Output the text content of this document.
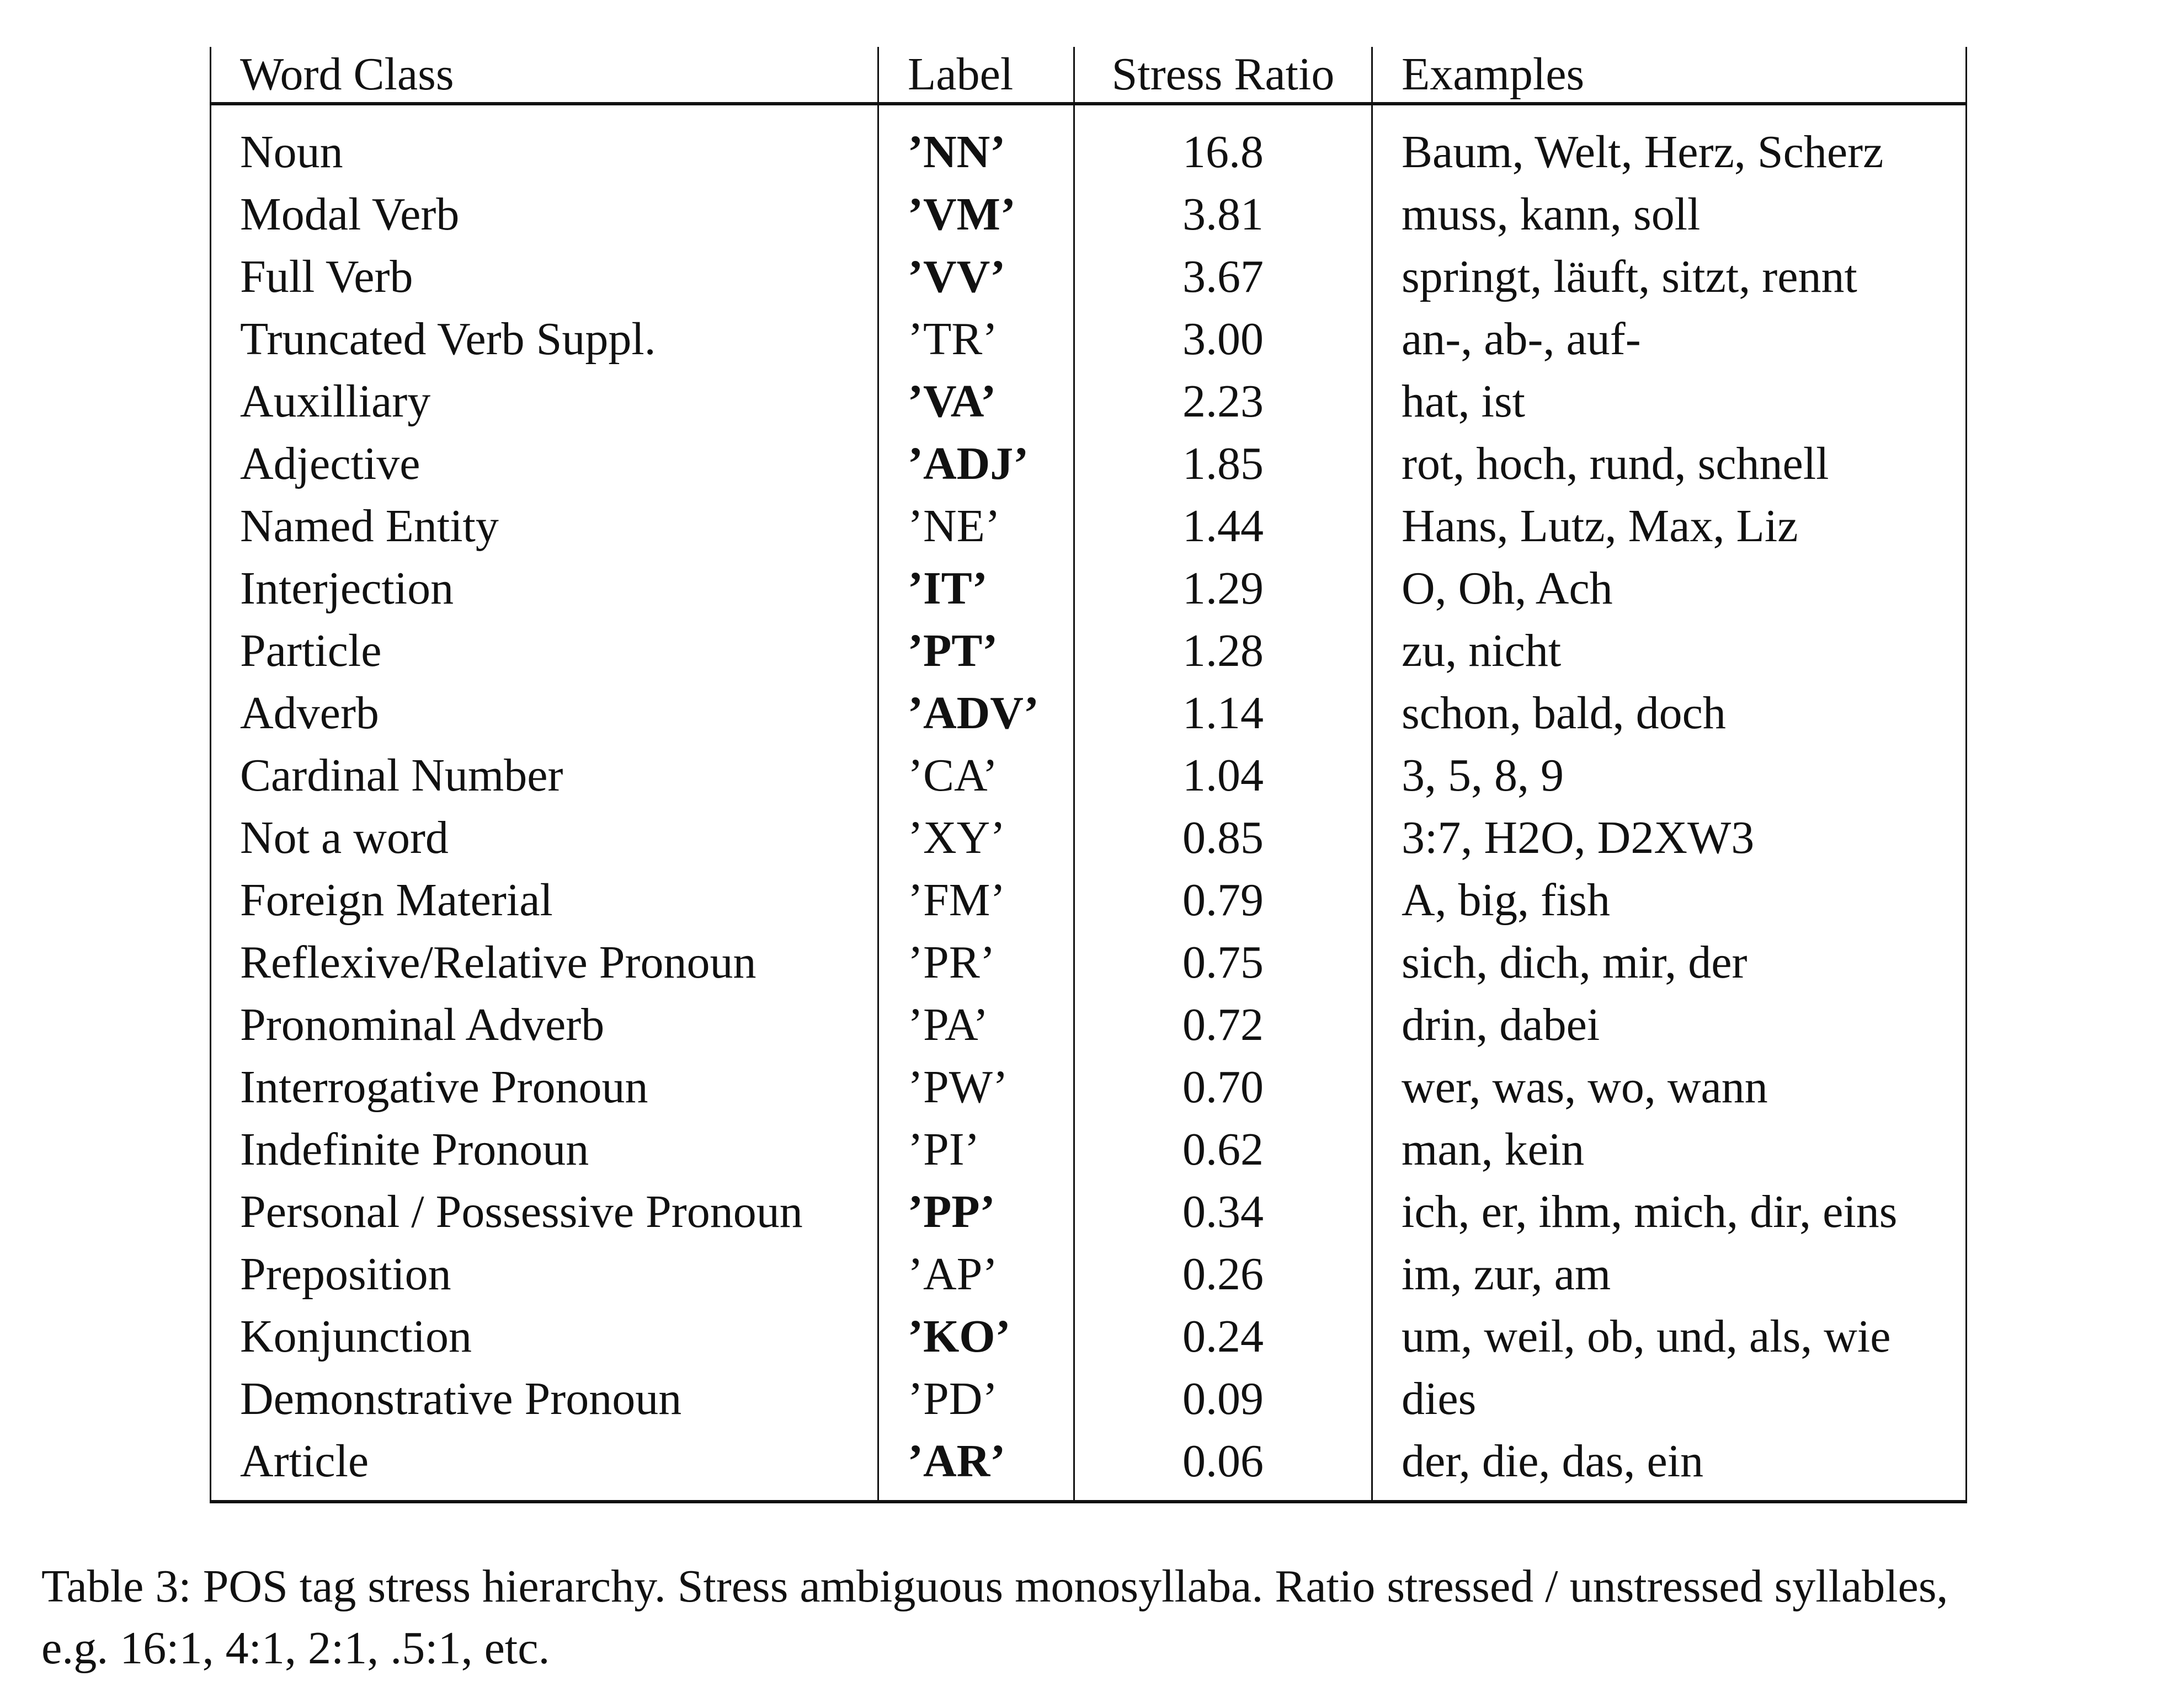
Word Class	Label	Stress Ratio	Examples

Noun	’NN’	16.8	Baum, Welt, Herz, Scherz
Modal Verb	’VM’	3.81	muss, kann, soll
Full Verb	’VV’	3.67	springt, läuft, sitzt, rennt
Truncated Verb Suppl.	’TR’	3.00	an-, ab-, auf-
Auxilliary	’VA’	2.23	hat, ist
Adjective	’ADJ’	1.85	rot, hoch, rund, schnell
Named Entity	’NE’	1.44	Hans, Lutz, Max, Liz
Interjection	’IT’	1.29	O, Oh, Ach
Particle	’PT’	1.28	zu, nicht
Adverb	’ADV’	1.14	schon, bald, doch
Cardinal Number	’CA’	1.04	3, 5, 8, 9
Not a word	’XY’	0.85	3:7, H2O, D2XW3
Foreign Material	’FM’	0.79	A, big, fish
Reflexive/Relative Pronoun	’PR’	0.75	sich, dich, mir, der
Pronominal Adverb	’PA’	0.72	drin, dabei
Interrogative Pronoun	’PW’	0.70	wer, was, wo, wann
Indefinite Pronoun	’PI’	0.62	man, kein
Personal / Possessive Pronoun	’PP’	0.34	ich, er, ihm, mich, dir, eins
Preposition	’AP’	0.26	im, zur, am
Konjunction	’KO’	0.24	um, weil, ob, und, als, wie
Demonstrative Pronoun	’PD’	0.09	dies
Article	’AR’	0.06	der, die, das, ein
Table 3: POS tag stress hierarchy. Stress ambiguous monosyllaba. Ratio stressed / unstressed syllables,
e.g. 16:1, 4:1, 2:1, .5:1, etc.
